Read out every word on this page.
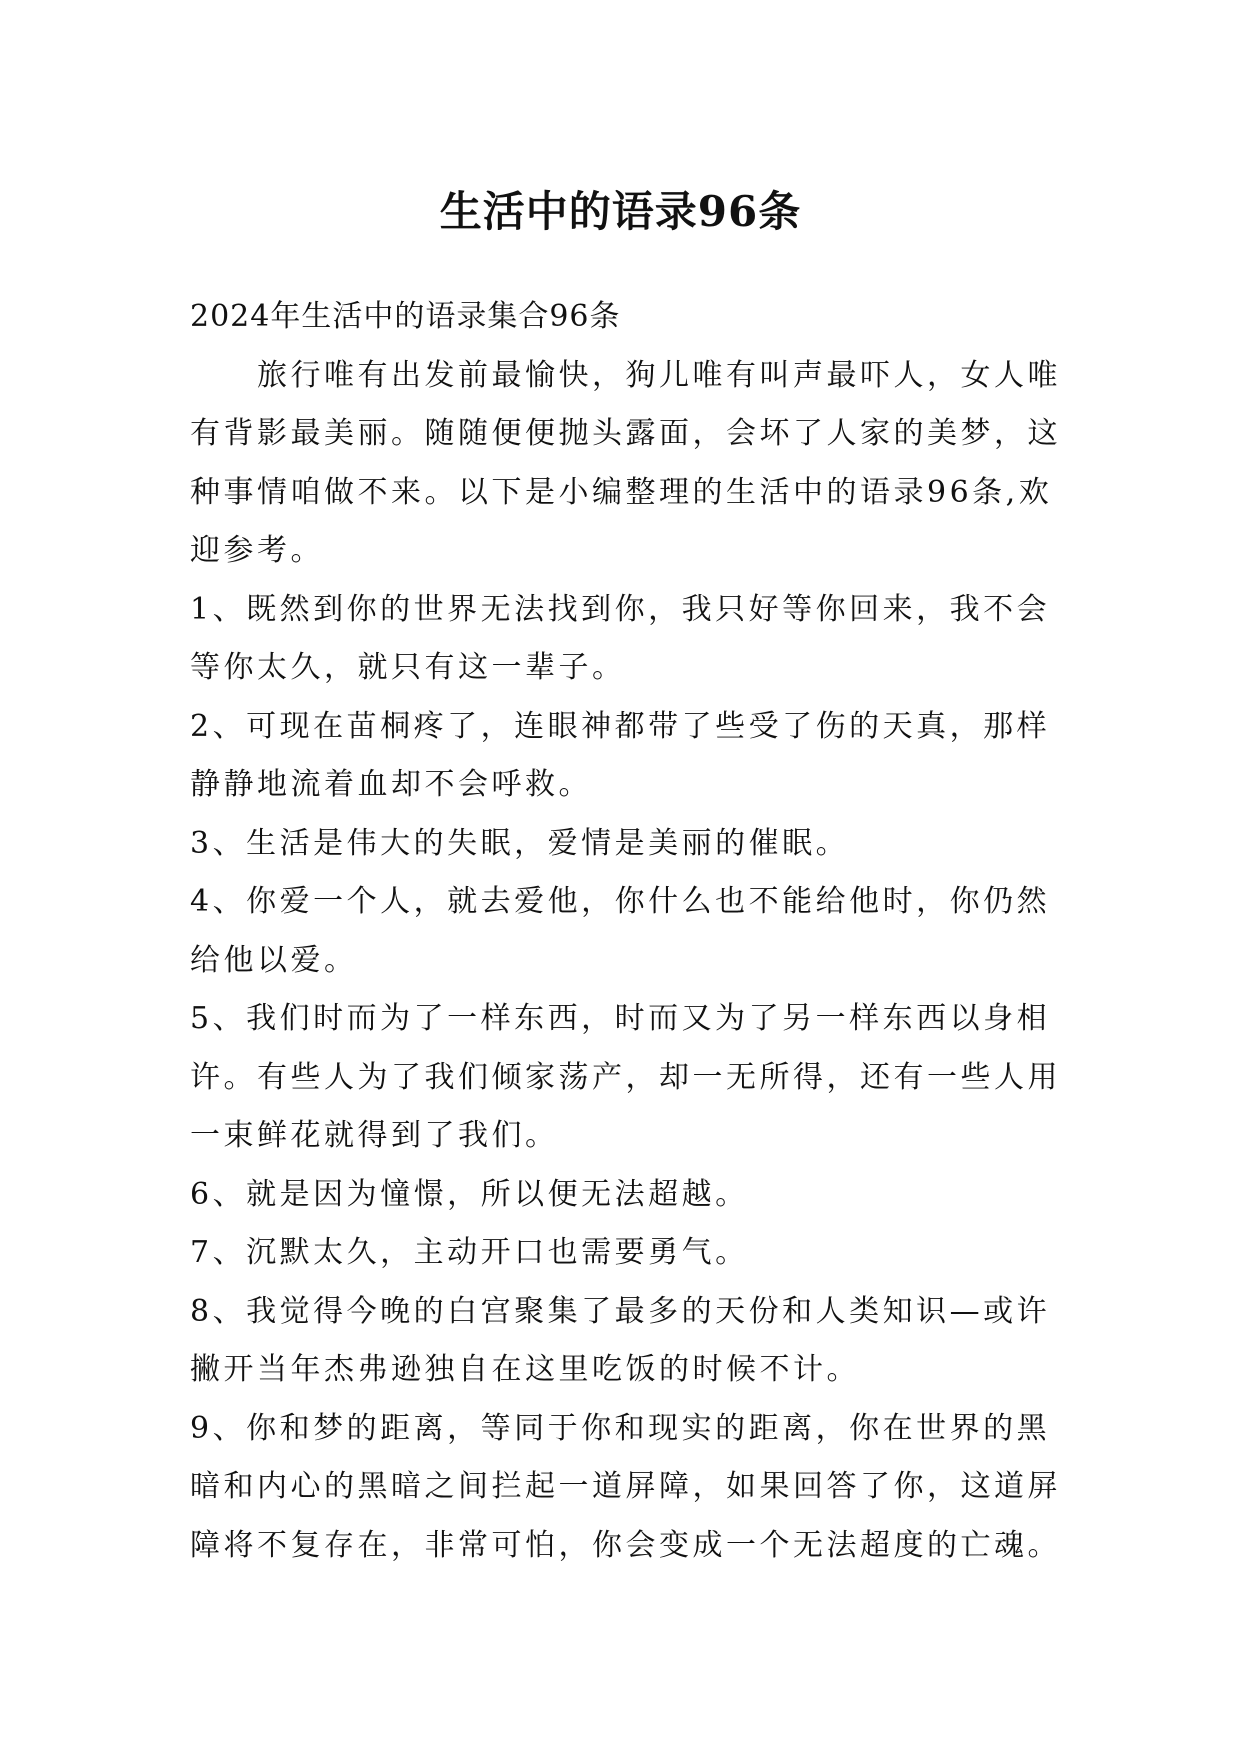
生活中的语录96条

2024年生活中的语录集合96条

旅行唯有出发前最愉快，狗儿唯有叫声最吓人，女人唯有背影最美丽。随随便便抛头露面，会坏了人家的美梦，这种事情咱做不来。以下是小编整理的生活中的语录96条,欢迎参考。

1、既然到你的世界无法找到你，我只好等你回来，我不会等你太久，就只有这一辈子。

2、可现在苗桐疼了，连眼神都带了些受了伤的天真，那样静静地流着血却不会呼救。

3、生活是伟大的失眠，爱情是美丽的催眠。

4、你爱一个人，就去爱他，你什么也不能给他时，你仍然给他以爱。

5、我们时而为了一样东西，时而又为了另一样东西以身相许。有些人为了我们倾家荡产，却一无所得，还有一些人用一束鲜花就得到了我们。

6、就是因为憧憬，所以便无法超越。

7、沉默太久，主动开口也需要勇气。

8、我觉得今晚的白宫聚集了最多的天份和人类知识—或许撇开当年杰弗逊独自在这里吃饭的时候不计。

9、你和梦的距离，等同于你和现实的距离，你在世界的黑暗和内心的黑暗之间拦起一道屏障，如果回答了你，这道屏障将不复存在，非常可怕，你会变成一个无法超度的亡魂。
